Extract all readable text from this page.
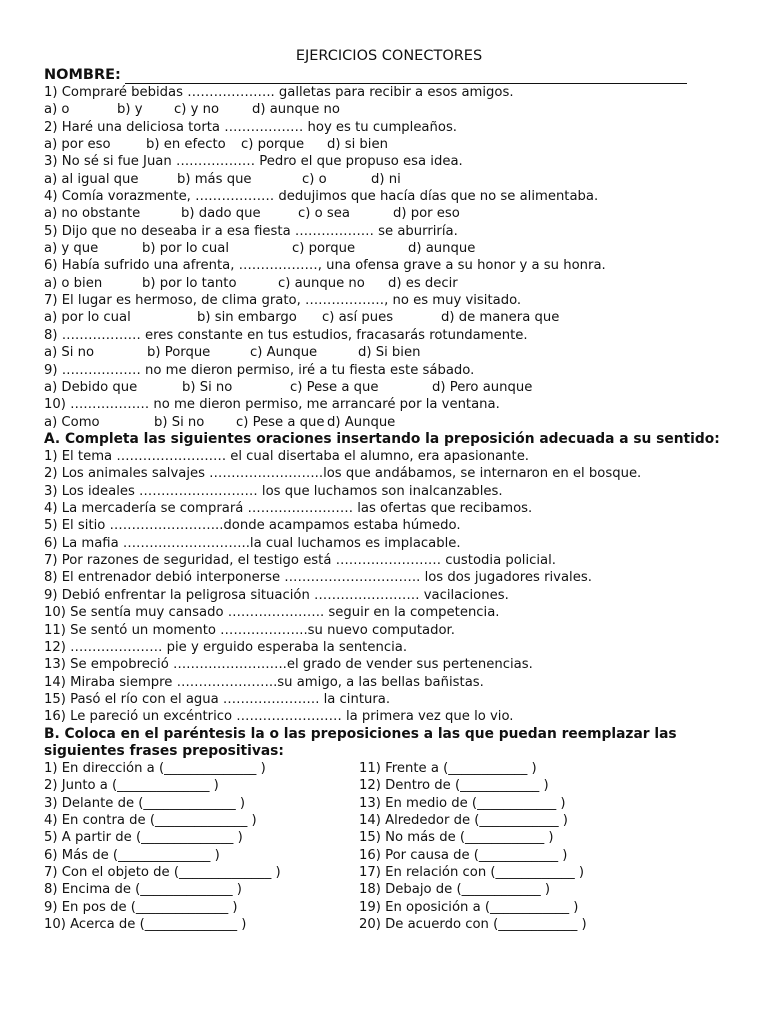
EJERCICIOS CONECTORES
NOMBRE:
1) Compraré bebidas ……………….. galletas para recibir a esos amigos.
a) o	b) y c) y no d) aunque no
2) Haré una deliciosa torta ……………… hoy es tu cumpleaños.
a) por eso	b) en efecto c) porque d) si bien
3) No sé si fue Juan ……………… Pedro el que propuso esa idea.
a) al igual que	b) más que	c) o	d) ni
4) Comía vorazmente, ……………… dedujimos que hacía días que no se alimentaba.
a) no obstante	b) dado que	c) o sea	d) por eso
5) Dijo que no deseaba ir a esa fiesta ……………… se aburriría.
a) y que	b) por lo cual	c) porque	d) aunque
6) Había sufrido una afrenta, ………………, una ofensa grave a su honor y a su honra.
a) o bien	b) por lo tanto	c) aunque no d) es decir
7) El lugar es hermoso, de clima grato, ………………, no es muy visitado.
a) por lo cual	b) sin embargo c) así pues	d) de manera que
8) ……………… eres constante en tus estudios, fracasarás rotundamente.
a) Si no	b) Porque	c) Aunque	d) Si bien
9) ……………… no me dieron permiso, iré a tu fiesta este sábado.
a) Debido que	b) Si no	c) Pese a que	d) Pero aunque
10) ……………… no me dieron permiso, me arrancaré por la ventana.
a) Como	b) Si no c) Pese a que d) Aunque
A. Completa las siguientes oraciones insertando la preposición adecuada a su sentido:
1) El tema ……………………. el cual disertaba el alumno, era apasionante.
2) Los animales salvajes ……………………..los que andábamos, se internaron en el bosque.
3) Los ideales ……………………… los que luchamos son inalcanzables.
4) La mercadería se comprará …………………… las ofertas que recibamos.
5) El sitio ……………………..donde acampamos estaba húmedo.
6) La mafia ………………………..la cual luchamos es implacable.
7) Por razones de seguridad, el testigo está …………………… custodia policial.
8) El entrenador debió interponerse …………………………. los dos jugadores rivales.
9) Debió enfrentar la peligrosa situación …………………… vacilaciones.
10) Se sentía muy cansado …………………. seguir en la competencia.
11) Se sentó un momento ………………..su nuevo computador.
12) ………………… pie y erguido esperaba la sentencia.
13) Se empobreció ……………………..el grado de vender sus pertenencias.
14) Miraba siempre …………………..su amigo, a las bellas bañistas.
15) Pasó el río con el agua …………………. la cintura.
16) Le pareció un excéntrico …………………… la primera vez que lo vio.
B. Coloca en el paréntesis la o las preposiciones a las que puedan reemplazar las siguientes frases prepositivas:
1) En dirección a (______________ )
2) Junto a (______________ )
3) Delante de (______________ )
4) En contra de (______________ )
5) A partir de (______________ )
6) Más de (______________ )
7) Con el objeto de (______________ )
8) Encima de (______________ )
9) En pos de (______________ )
10) Acerca de (______________ )
11) Frente a (____________ )
12) Dentro de (____________ )
13) En medio de (____________ )
14) Alrededor de (____________ )
15) No más de (____________ )
16) Por causa de (____________ )
17) En relación con (____________ )
18) Debajo de (____________ )
19) En oposición a (____________ )
20) De acuerdo con (____________ )
